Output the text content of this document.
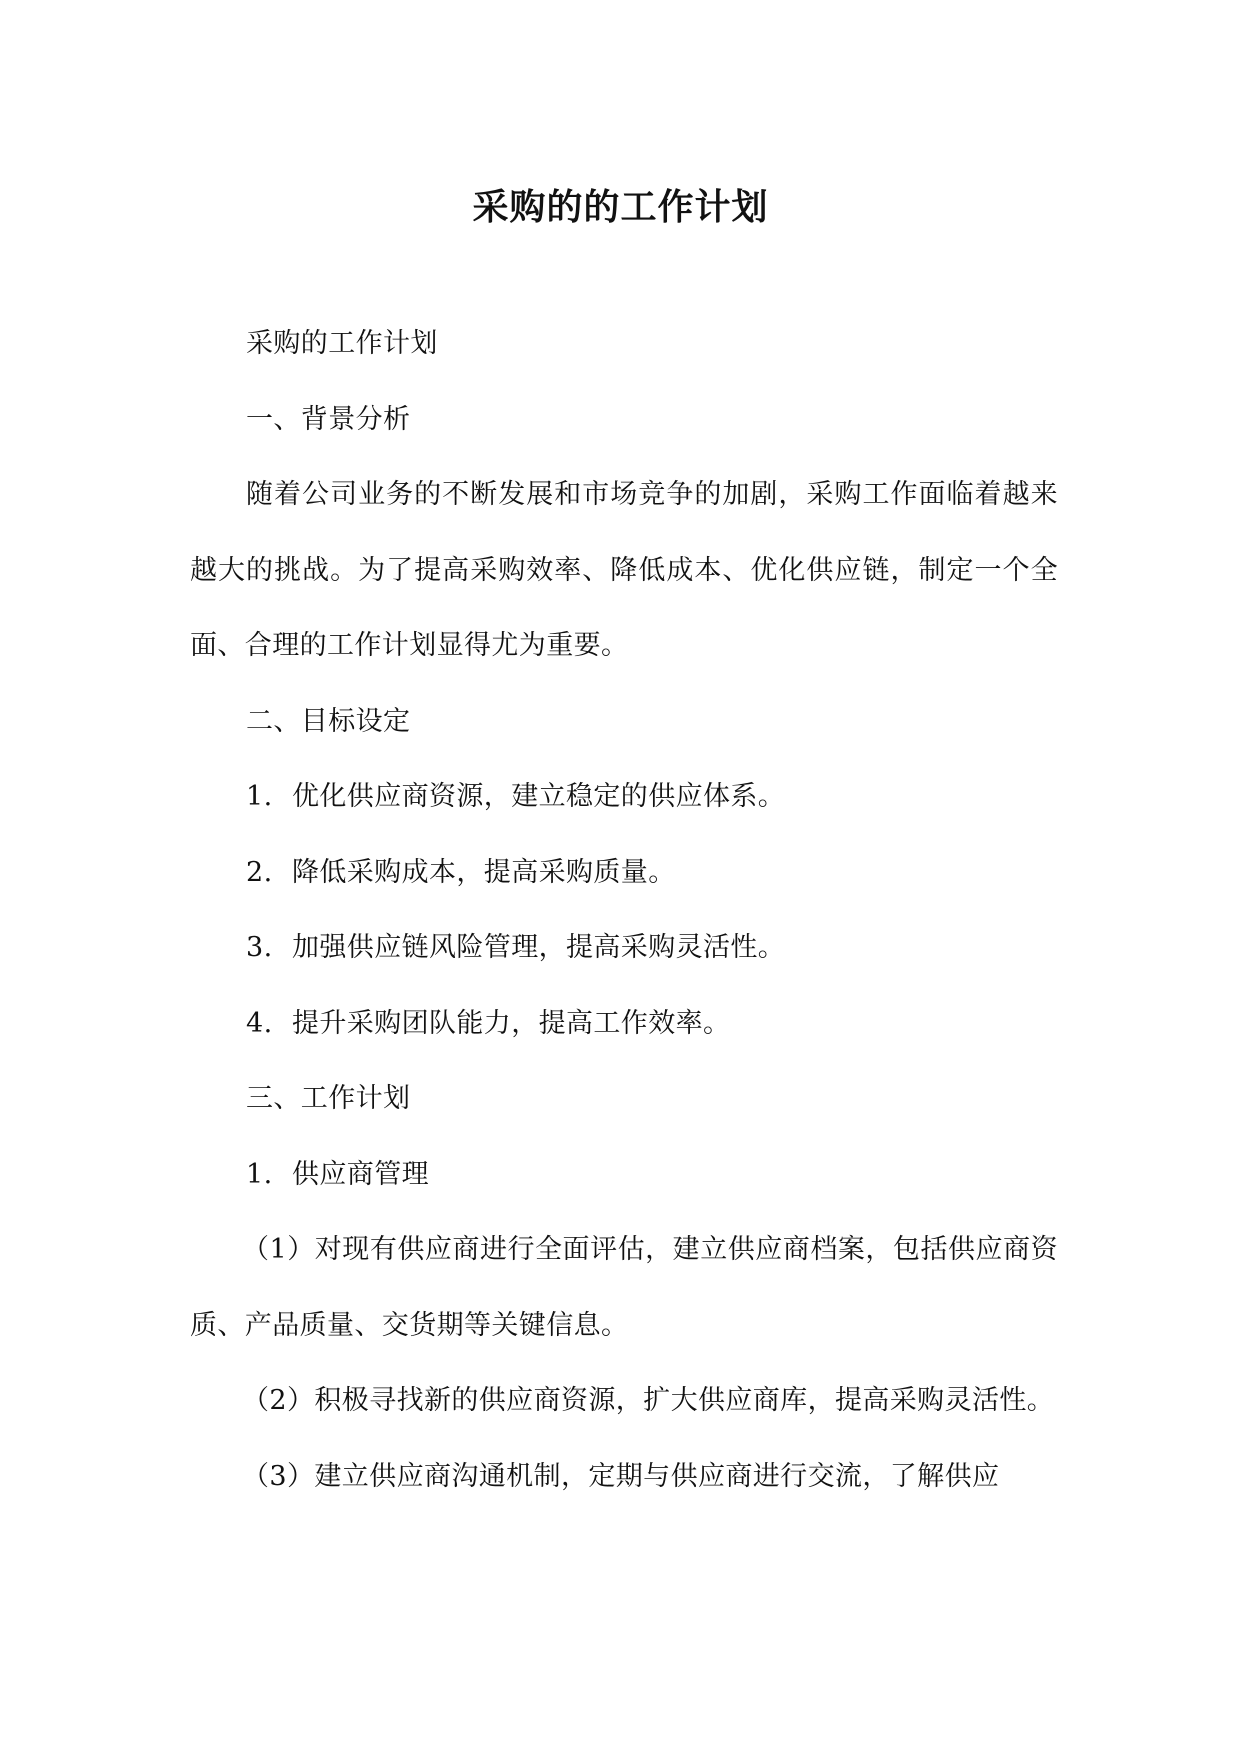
采购的的工作计划

采购的工作计划

一、背景分析

随着公司业务的不断发展和市场竞争的加剧，采购工作面临着越来越大的挑战。为了提高采购效率、降低成本、优化供应链，制定一个全面、合理的工作计划显得尤为重要。

二、目标设定

1. 优化供应商资源，建立稳定的供应体系。

2. 降低采购成本，提高采购质量。

3. 加强供应链风险管理，提高采购灵活性。

4. 提升采购团队能力，提高工作效率。

三、工作计划

1. 供应商管理

（1）对现有供应商进行全面评估，建立供应商档案，包括供应商资质、产品质量、交货期等关键信息。

（2）积极寻找新的供应商资源，扩大供应商库，提高采购灵活性。

（3）建立供应商沟通机制，定期与供应商进行交流，了解供应
